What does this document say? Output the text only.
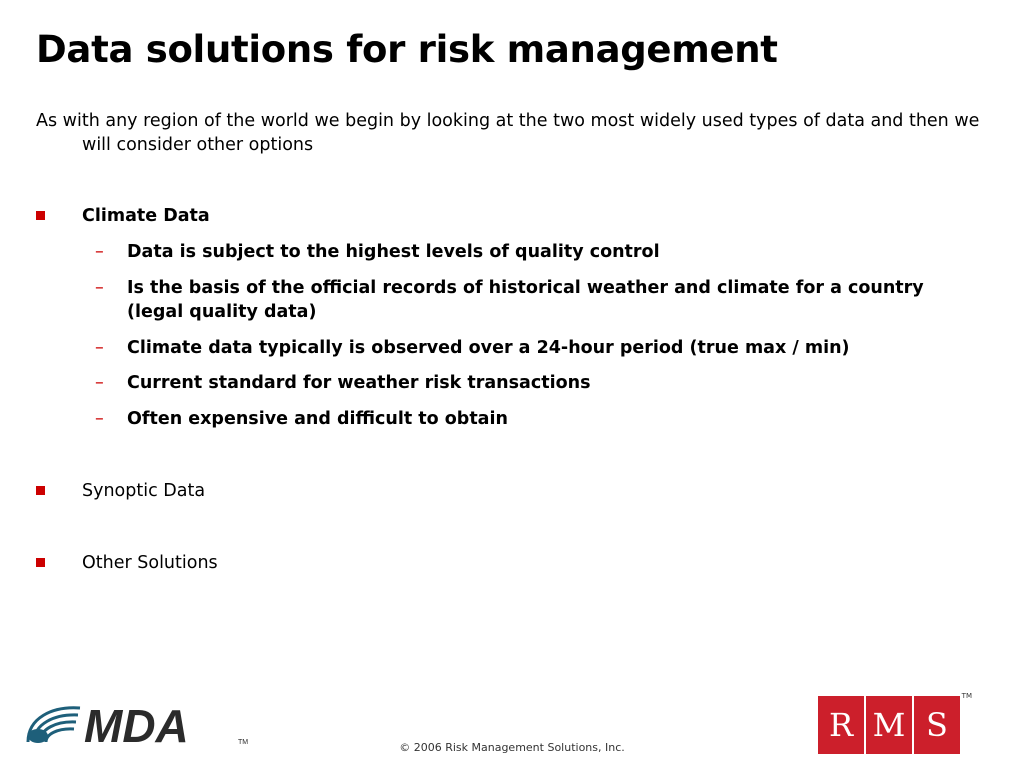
Data solutions for risk management
As with any region of the world we begin by looking at the two most widely used types of data and then we will consider other options
Climate Data
–	Data is subject to the highest levels of quality control
–	Is the basis of the official records of historical weather and climate for a country (legal quality data)
–	Climate data typically is observed over a 24-hour period (true max / min)
–	Current standard for weather risk transactions
–	Often expensive and difficult to obtain
Synoptic Data
Other Solutions
MDA	TM	© 2006 Risk Management Solutions, Inc.
R M S
TM
